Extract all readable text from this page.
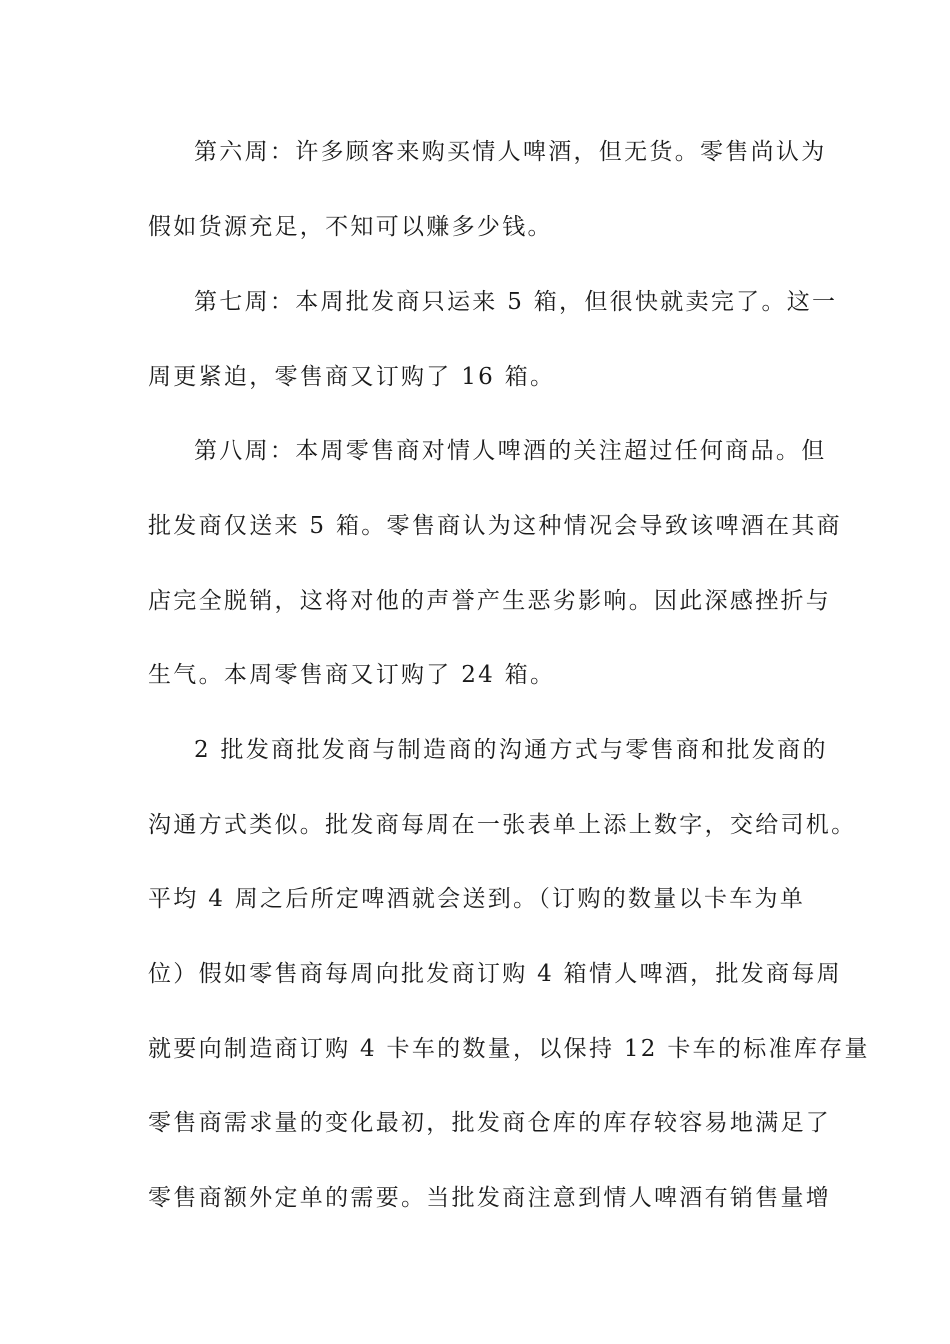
第六周：许多顾客来购买情人啤酒，但无货。零售尚认为
假如货源充足，不知可以赚多少钱。
第七周：本周批发商只运来 5 箱，但很快就卖完了。这一
周更紧迫，零售商又订购了 16 箱。
第八周：本周零售商对情人啤酒的关注超过任何商品。但
批发商仅送来 5 箱。零售商认为这种情况会导致该啤酒在其商
店完全脱销，这将对他的声誉产生恶劣影响。因此深感挫折与
生气。本周零售商又订购了 24 箱。
2 批发商批发商与制造商的沟通方式与零售商和批发商的
沟通方式类似。批发商每周在一张表单上添上数字，交给司机。
平均 4 周之后所定啤酒就会送到。（订购的数量以卡车为单
位）假如零售商每周向批发商订购 4 箱情人啤酒，批发商每周
就要向制造商订购 4 卡车的数量，以保持 12 卡车的标准库存量
零售商需求量的变化最初，批发商仓库的库存较容易地满足了
零售商额外定单的需要。当批发商注意到情人啤酒有销售量增
